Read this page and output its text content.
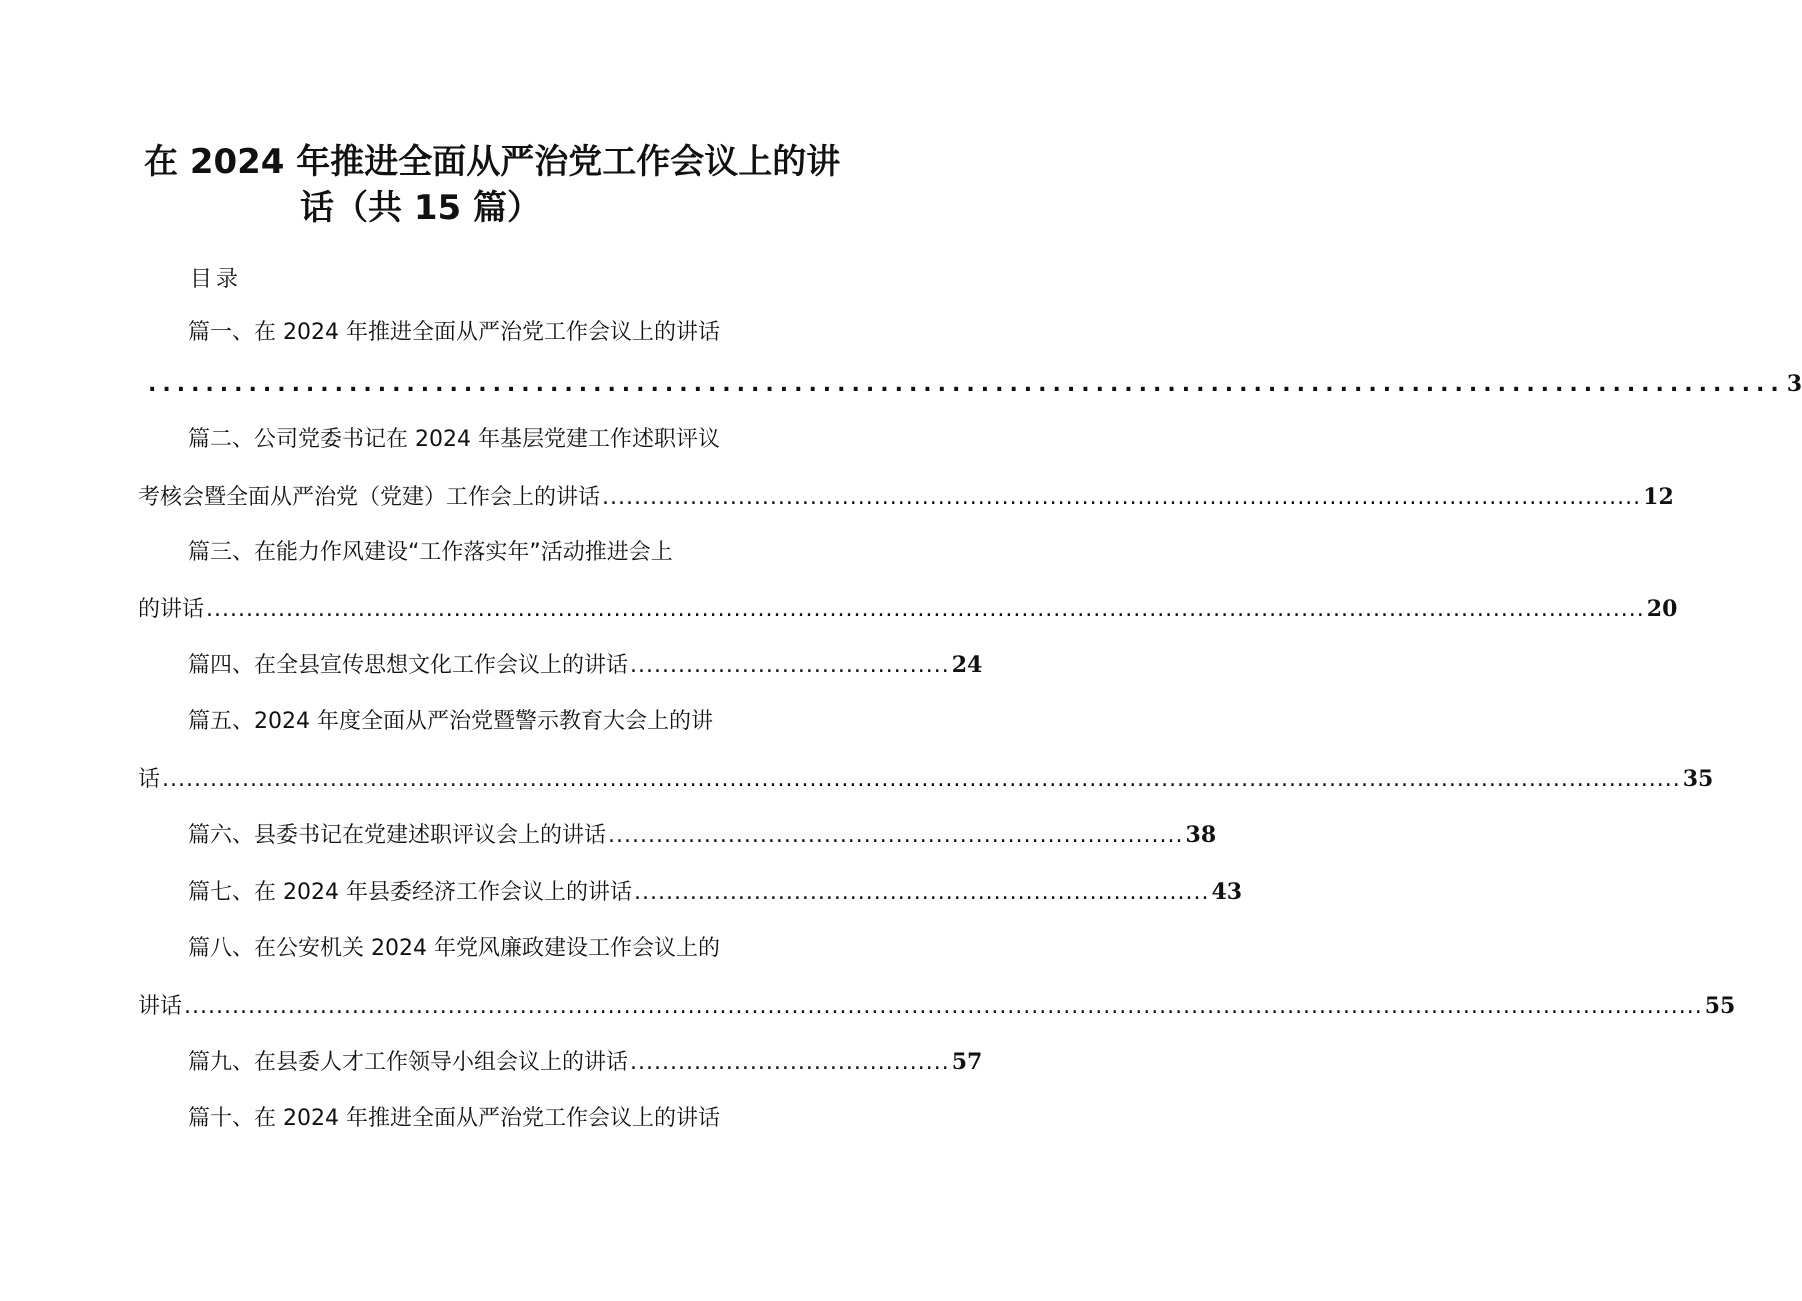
在 2024 年推进全面从严治党工作会议上的讲
话（共 15 篇）
目录
篇一、在 2024 年推进全面从严治党工作会议上的讲话
.................................................................................................................. 3
篇二、公司党委书记在 2024 年基层党建工作述职评议
考核会暨全面从严治党（党建）工作会上的讲话 .................................................................................................................................. 12
篇三、在能力作风建设“工作落实年”活动推进会上
的讲话 .................................................................................................................................................................................... 20
篇四、在全县宣传思想文化工作会议上的讲话 ........................................ 24
篇五、2024 年度全面从严治党暨警示教育大会上的讲
话 .............................................................................................................................................................................................. 35
篇六、县委书记在党建述职评议会上的讲话 ........................................................................ 38
篇七、在 2024 年县委经济工作会议上的讲话 ........................................................................ 43
篇八、在公安机关 2024 年党风廉政建设工作会议上的
讲话 .............................................................................................................................................................................................. 55
篇九、在县委人才工作领导小组会议上的讲话 ........................................ 57
篇十、在 2024 年推进全面从严治党工作会议上的讲话
